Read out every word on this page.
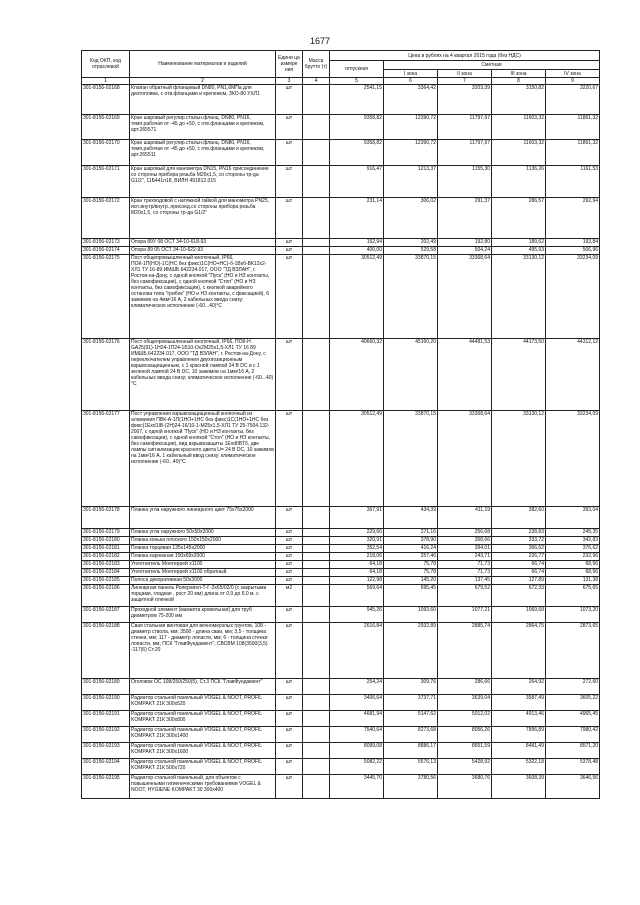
1677
Код ОКП, код отраслевой	Наименование материалов и изделий	Едини ца измере ния	Масса брутто (т)	Цена в рублях на 4 квартал 2015 года (без НДС)				
				отпускная	Сметная			
					I зона	II зона	III зона	IV зона
1	2	3	4	5	6	7	8	9
301-8156-02168	Клапан обратный фланцевый DN80, PN1,6МПа для дизтоплива, с отв.фланцами и крепежом, ЗКО-80 УХЛ1	шт		2541,15	3364,42	3203,39	3150,82	3220,67
301-8156-02169	Кран шаровый регулир.стальн.фланц. DN80, PN16, темп.рабочая от -45 до +50, с отв.фланцами и крепежом, арт.265571	шт		9358,82	12390,72	11797,67	11603,32	11861,32
301-8156-02170	Кран шаровый регулир.стальн.фланц. DN80, PN16, темп.рабочая от -45 до +50, с отв.фланцами и крепежом, арт.265511	шт		9358,82	12390,72	11797,67	11603,32	11861,32
301-8156-02171	Кран шаровый для манометра DN15, PN16 присоединение со стороны прибора резьба М20х1,5, со стороны тр-да G1/2", 11Б441п18, ВИЛН 491812.015	шт		916,47	1213,37	1155,30	1136,26	1161,53
301-8156-02172	Кран трехходовой с натяжной гайкой для манометра PN25, исп.внутр/внутр.,присоед.со стороны прибора резьба М20х1,5, со стороны тр-да G1/2"	шт		231,14	306,02	291,37	286,57	292,94
301-8156-02173	Опора 89У 08 ОСТ 34-10-618-93	шт		152,94	202,49	192,80	189,62	193,84
301-8156-02174	Опора 89 05 ОСТ 34-10-622-93	шт		400,00	529,58	504,24	495,93	506,96
301-8156-02175	Пост общепромышленный кнопочный, IP66, ПОК-1П(НО)-1С(НС без фикс)1С(НО+НС)-б-1Вхб-ВК12х2-ХЛ1 ТУ 16-89 ИМШБ.642234.017, ООО "ТД ВЗЛАН", г. Ростов-на-Дону, с одной кнопкой "Пуск" (НО и НЗ контакты, без самофиксации), с одной кнопкой "Стоп" (НО и НЗ контакты, без самофиксации), с кнопкой аварийного останова типа "грибок" (НО и НЗ контакты, с фиксацией), 6 зажимов на 4мм²16 А, 2 кабельных ввода снизу; климатическое исполнение (-60...40)°С	шт		30512,49	33870,15	33368,64	33130,12	33234,09
301-8156-02176	Пост общепромышленный кнопочный, IP66, ПОК-Н GA25(91)-1Н24-1П24-1Б10-Ох2М25х1,5-ХЛ1 ТУ 16 89 ИМШБ.642234.017, ООО "ТД ВЗЛАН", г. Ростов-на-Дону, с переключателем управления двухпозиционным взрывозащищенным, с 1 красной лампой 24 В DC и с 1 зеленой лампой 24 В DC, 10 зажимов на 1мм²16 А, 2 кабельных ввода снизу; климатическое исполнение (-60...40)°С	шт		40660,32	45160,20	44481,53	44173,50	44312,12
301-8156-02177	Пост управления взрывозащищенный кнопочный из алюминия ПВК-А-1П(1НО+1НС без фикс)1С(1НО+1НС без фикс)1Exd1IB-(2Н)24-16/10-1-М25х1,5-ХЛ1 ТУ 25-7504.132-2007, с одной кнопкой "Пуск" (НО и НЗ контакты, без самофиксации), с одной кнопкой "Стоп" (НО и НЗ контакты, без самофиксации), вид взрывозащиты 1ExdIIBT6, две лампы сигнализации красного цвета U= 24 В DC, 10 зажимов на 1мм²16 А, 1 кабельный ввод снизу; климатическое исполнение (-60...40)°С	шт		30512,49	33870,15	33368,64	33130,12	33234,09
301-8156-02178	Планка угла наружного линеарного цвет 75х75х2000	шт		367,91	434,39	411,19	382,60	393,04
301-8156-02179	Планка угла наружного 50х50х2000	шт		229,66	271,16	256,68	238,83	245,35
301-8156-02180	Планка конька плоского 150х150х2000	шт		320,91	378,90	358,66	333,72	342,83
301-8156-02181	Планка торцевая 135х145х2000	шт		352,54	416,24	394,01	366,62	376,62
301-8156-02182	Планка карнизная 100х69х2000	шт		218,06	257,46	243,71	226,77	232,96
301-8156-02183	Уплотнитель Монтеррей х1100	шт		64,18	75,78	71,73	66,74	68,56
301-8156-02184	Уплотнитель Монтеррей х1100 обратный	шт		64,18	75,78	71,73	66,74	68,56
301-8156-02185	Полоса декоративная 50х3000	шт		122,98	145,20	137,45	127,89	131,38
301-8156-02186	Линеарная панель Ролерапел-Т-Г-2х65/02/0 (с закрытыми торцами, гладкая , рост 20 мм) длина от 0,9 до 6,0 м. с защитной пленкой	м2		569,64	695,45	679,52	672,33	675,65
301-8156-02187	Проходной элемент (манжета кровельная) для труб диаметром 75-200 мм	шт		945,26	1093,60	1077,21	1069,68	1073,20
301-8156-02188	Свая стальная винтовая для вечномерзлых грунтов, 108 - диаметр ствола, мм; 3500 - длина сваи, мм; 3,5 - толщина стенки, мм; 117 - диаметр лопасти, мм; 6 - толщина стенки лопасти, мм; ПСК "ГлавФундамент", СВСВМ 108(3500(3,5) -117(6) Ст.20	шт		2616,84	2932,89	2885,74	2864,75	2873,65
301-8156-02189	Оголовок ОС 108/250/250(5), Ст.3 ПСК "ГлавФундамент"	шт		254,24	309,76	286,66	264,92	272,60
301-8156-02190	Радиатор стальной панельный VOGEL & NOOT, PROFIL KOMPAKT 21К 300х520	шт		3406,64	3737,71	3639,04	3587,49	3605,22
301-8156-02191	Радиатор стальной панельный VOGEL & NOOT, PROFIL KOMPAKT 21К 300х800	шт		4681,94	5147,62	5012,02	4913,46	4965,45
301-8156-02192	Радиатор стальной панельный VOGEL & NOOT, PROFIL KOMPAKT 21К 300х1400	шт		7540,64	8273,68	8056,26	7896,89	7980,42
301-8156-02193	Радиатор стальной панельный VOGEL & NOOT, PROFIL KOMPAKT 21К 300х1600	шт		8099,08	8886,17	8651,59	8481,49	8571,20
301-8156-02194	Радиатор стальной панельный VOGEL & NOOT, PROFIL KOMPAKT 21К 500х720	шт		5082,22	5576,13	5428,92	5322,18	5378,48
301-8156-02195	Радиатор стальной панельный, для объектов с повышенными гигиеническими требованиями VOGEL & NOOT, HYGIENE KOMPAKT 30 300х400	шт		3445,70	3780,56	3680,76	3608,39	3646,56
